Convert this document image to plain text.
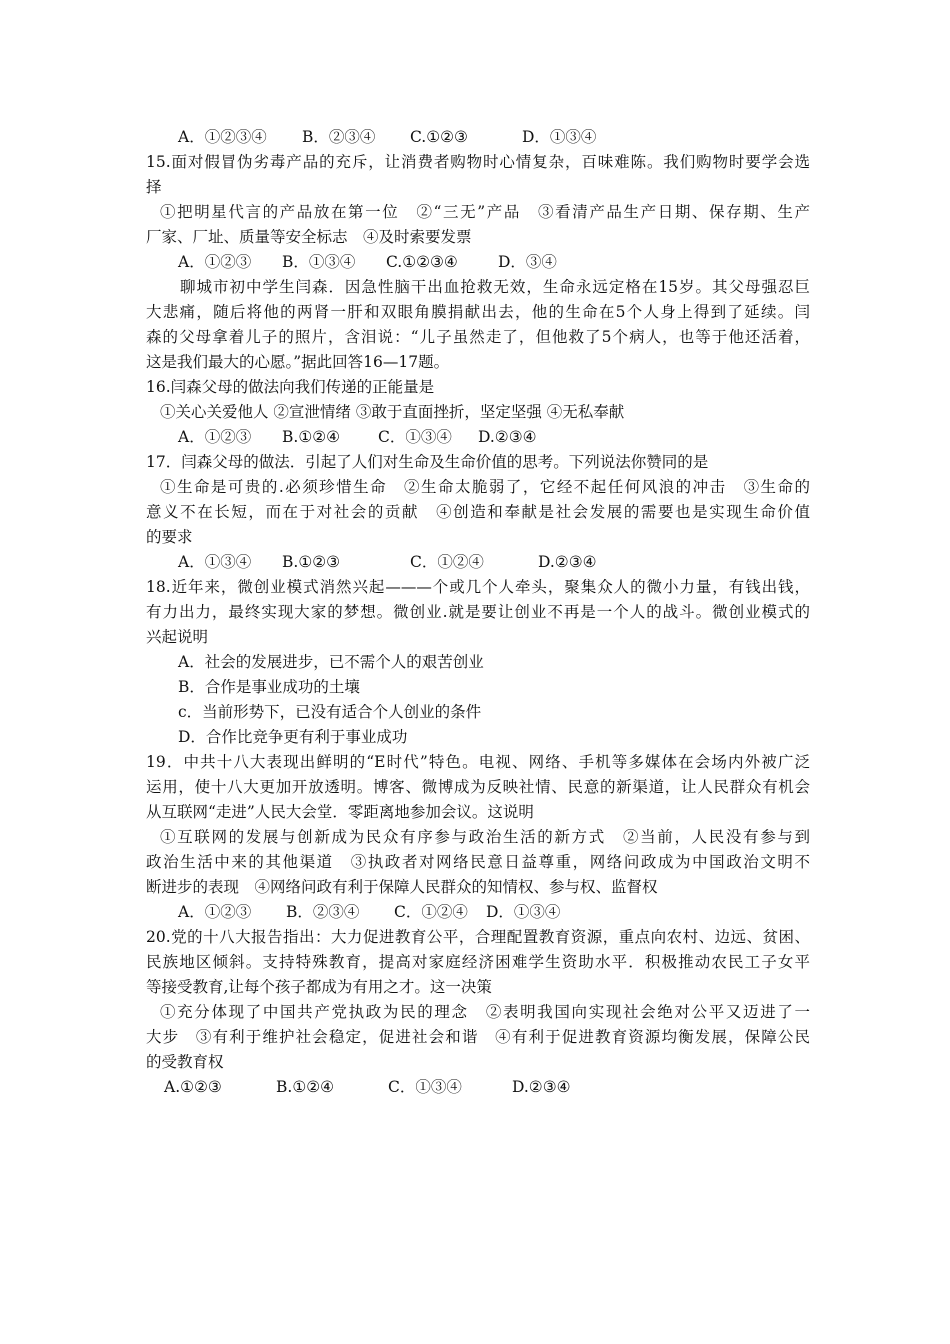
A．①②③④ B．②③④ C.①②③	D．①③④
15.面对假冒伪劣毒产品的充斥，让消费者购物时心情复杂，百味难陈。我们购物时要学会选
择
①把明星代言的产品放在第一位　②“三无”产品　③看清产品生产日期、保存期、生产
厂家、厂址、质量等安全标志　④及时索要发票
A．①②③ B．①③④ C.①②③④	D．③④
聊城市初中学生闫森．因急性脑干出血抢救无效，生命永远定格在15岁。其父母强忍巨
大悲痛，随后将他的两肾一肝和双眼角膜捐献出去，他的生命在5个人身上得到了延续。闫
森的父母拿着儿子的照片，含泪说：“儿子虽然走了，但他救了5个病人，也等于他还活着，
这是我们最大的心愿。”据此回答16—17题。
16.闫森父母的做法向我们传递的正能量是
①关心关爱他人 ②宣泄情绪 ③敢于直面挫折，坚定坚强 ④无私奉献
A．①②③ B.①②④ C．①③④ D.②③④
17．闫森父母的做法．引起了人们对生命及生命价值的思考。下列说法你赞同的是
①生命是可贵的.必须珍惜生命　②生命太脆弱了，它经不起任何风浪的冲击　③生命的
意义不在长短，而在于对社会的贡献　④创造和奉献是社会发展的需要也是实现生命价值
的要求
A．①③④ B.①②③	C．①②④	D.②③④
18.近年来，微创业模式消然兴起———个或几个人牵头，聚集众人的微小力量，有钱出钱，
有力出力，最终实现大家的梦想。微创业.就是要让创业不再是一个人的战斗。微创业模式的
兴起说明
A．社会的发展进步，已不需个人的艰苦创业
B．合作是事业成功的土壤
c．当前形势下，已没有适合个人创业的条件
D．合作比竞争更有利于事业成功
19．中共十八大表现出鲜明的“E时代”特色。电视、网络、手机等多媒体在会场内外被广泛
运用，使十八大更加开放透明。博客、微博成为反映社情、民意的新渠道，让人民群众有机会
从互联网“走进”人民大会堂．零距离地参加会议。这说明
①互联网的发展与创新成为民众有序参与政治生活的新方式　②当前，人民没有参与到
政治生活中来的其他渠道　③执政者对网络民意日益尊重，网络问政成为中国政治文明不
断进步的表现　④网络问政有利于保障人民群众的知情权、参与权、监督权
A．①②③ B．②③④ C．①②④ D．①③④
20.党的十八大报告指出：大力促进教育公平，合理配置教育资源，重点向农村、边远、贫困、
民族地区倾斜。支持特殊教育，提高对家庭经济困难学生资助水平．积极推动农民工子女平
等接受教育,让每个孩子都成为有用之才。这一决策
①充分体现了中国共产党执政为民的理念　②表明我国向实现社会绝对公平又迈进了一
大步　③有利于维护社会稳定，促进社会和谐　④有利于促进教育资源均衡发展，保障公民
的受教育权
A.①②③	B.①②④	C．①③④	D.②③④
